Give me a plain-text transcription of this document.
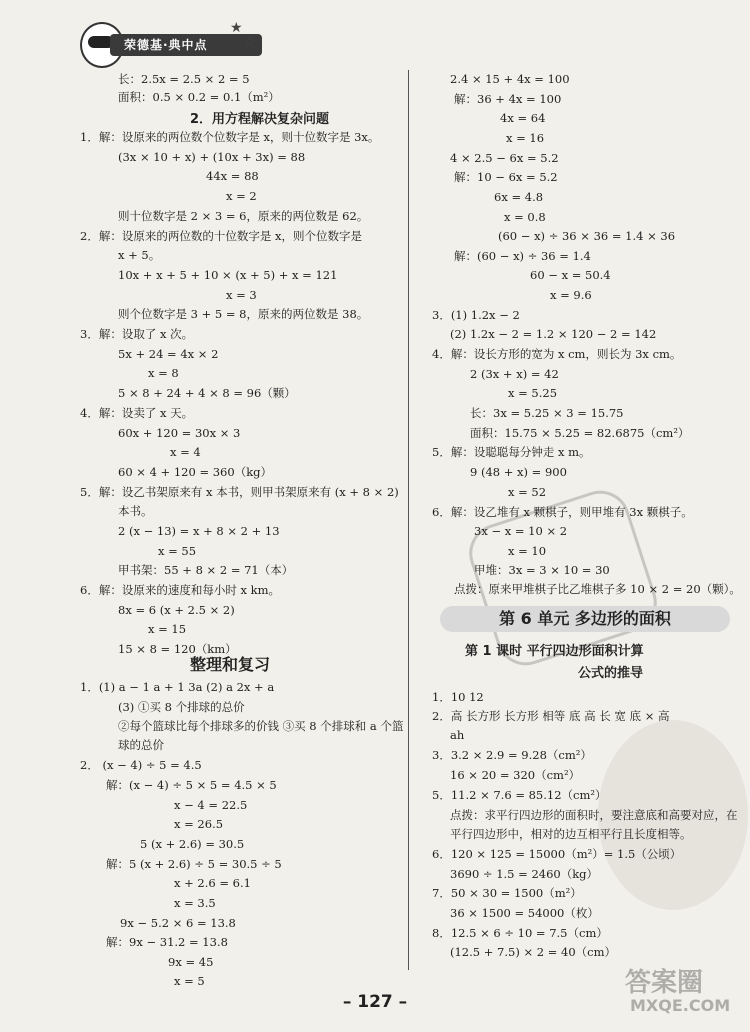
荣德基·典中点
★
☆
长：2.5x = 2.5 × 2 = 5
面积：0.5 × 0.2 = 0.1（m²）
2．用方程解决复杂问题
1．解：设原来的两位数个位数字是 x，则十位数字是 3x。
(3x × 10 + x) + (10x + 3x) = 88
44x = 88
x = 2
则十位数字是 2 × 3 = 6，原来的两位数是 62。
2．解：设原来的两位数的十位数字是 x，则个位数字是
x + 5。
10x + x + 5 + 10 × (x + 5) + x = 121
x = 3
则个位数字是 3 + 5 = 8，原来的两位数是 38。
3．解：设取了 x 次。
5x + 24 = 4x × 2
x = 8
5 × 8 + 24 + 4 × 8 = 96（颗）
4．解：设卖了 x 天。
60x + 120 = 30x × 3
x = 4
60 × 4 + 120 = 360（kg）
5．解：设乙书架原来有 x 本书，则甲书架原来有 (x + 8 × 2)
本书。
2 (x − 13) = x + 8 × 2 + 13
x = 55
甲书架：55 + 8 × 2 = 71（本）
6．解：设原来的速度和每小时 x km。
8x = 6 (x + 2.5 × 2)
x = 15
15 × 8 = 120（km）
整理和复习
1．(1) a − 1 a + 1 3a (2) a 2x + a
(3) ①买 8 个排球的总价
②每个篮球比每个排球多的价钱 ③买 8 个排球和 a 个篮
球的总价
2． (x − 4) ÷ 5 = 4.5
解：(x − 4) ÷ 5 × 5 = 4.5 × 5
x − 4 = 22.5
x = 26.5
5 (x + 2.6) = 30.5
解：5 (x + 2.6) ÷ 5 = 30.5 ÷ 5
x + 2.6 = 6.1
x = 3.5
9x − 5.2 × 6 = 13.8
解：9x − 31.2 = 13.8
9x = 45
x = 5
2.4 × 15 + 4x = 100
解：36 + 4x = 100
4x = 64
x = 16
4 × 2.5 − 6x = 5.2
解：10 − 6x = 5.2
6x = 4.8
x = 0.8
(60 − x) ÷ 36 × 36 = 1.4 × 36
解：(60 − x) ÷ 36 = 1.4
60 − x = 50.4
x = 9.6
3．(1) 1.2x − 2
(2) 1.2x − 2 = 1.2 × 120 − 2 = 142
4．解：设长方形的宽为 x cm，则长为 3x cm。
2 (3x + x) = 42
x = 5.25
长：3x = 5.25 × 3 = 15.75
面积：15.75 × 5.25 = 82.6875（cm²）
5．解：设聪聪每分钟走 x m。
9 (48 + x) = 900
x = 52
6．解：设乙堆有 x 颗棋子，则甲堆有 3x 颗棋子。
3x − x = 10 × 2
x = 10
甲堆：3x = 3 × 10 = 30
点拨：原来甲堆棋子比乙堆棋子多 10 × 2 = 20（颗）。
1．10 12
2．高 长方形 长方形 相等 底 高 长 宽 底 × 高
ah
3．3.2 × 2.9 = 9.28（cm²）
16 × 20 = 320（cm²）
5．11.2 × 7.6 = 85.12（cm²）
点拨：求平行四边形的面积时，要注意底和高要对应，在
平行四边形中，相对的边互相平行且长度相等。
6．120 × 125 = 15000（m²）= 1.5（公顷）
3690 ÷ 1.5 = 2460（kg）
7．50 × 30 = 1500（m²）
36 × 1500 = 54000（枚）
8．12.5 × 6 ÷ 10 = 7.5（cm）
(12.5 + 7.5) × 2 = 40（cm）
第 6 单元 多边形的面积
第 1 课时 平行四边形面积计算
公式的推导
– 127 –
答案圈
MXQE.COM
